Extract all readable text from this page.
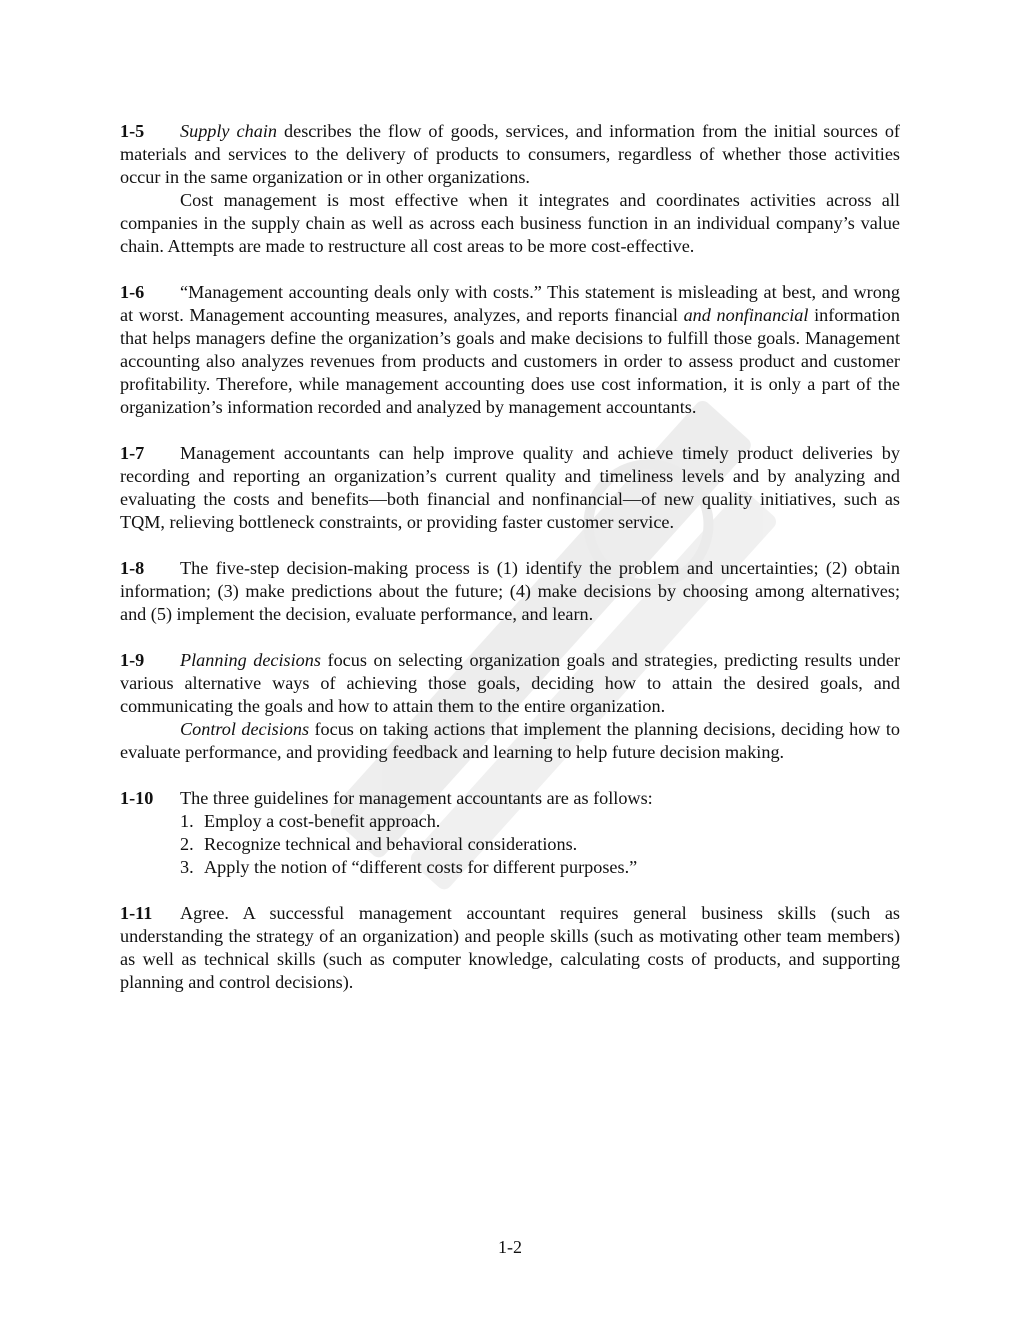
1-5 Supply chain describes the flow of goods, services, and information from the initial sources of materials and services to the delivery of products to consumers, regardless of whether those activities occur in the same organization or in other organizations.

Cost management is most effective when it integrates and coordinates activities across all companies in the supply chain as well as across each business function in an individual company’s value chain. Attempts are made to restructure all cost areas to be more cost-effective.

1-6 “Management accounting deals only with costs.” This statement is misleading at best, and wrong at worst. Management accounting measures, analyzes, and reports financial and nonfinancial information that helps managers define the organization’s goals and make decisions to fulfill those goals. Management accounting also analyzes revenues from products and customers in order to assess product and customer profitability. Therefore, while management accounting does use cost information, it is only a part of the organization’s information recorded and analyzed by management accountants.

1-7 Management accountants can help improve quality and achieve timely product deliveries by recording and reporting an organization’s current quality and timeliness levels and by analyzing and evaluating the costs and benefits—both financial and nonfinancial—of new quality initiatives, such as TQM, relieving bottleneck constraints, or providing faster customer service.

1-8 The five-step decision-making process is (1) identify the problem and uncertainties; (2) obtain information; (3) make predictions about the future; (4) make decisions by choosing among alternatives; and (5) implement the decision, evaluate performance, and learn.

1-9 Planning decisions focus on selecting organization goals and strategies, predicting results under various alternative ways of achieving those goals, deciding how to attain the desired goals, and communicating the goals and how to attain them to the entire organization.

Control decisions focus on taking actions that implement the planning decisions, deciding how to evaluate performance, and providing feedback and learning to help future decision making.

1-10 The three guidelines for management accountants are as follows:

1. Employ a cost-benefit approach.
2. Recognize technical and behavioral considerations.
3. Apply the notion of “different costs for different purposes.”

1-11 Agree. A successful management accountant requires general business skills (such as understanding the strategy of an organization) and people skills (such as motivating other team members) as well as technical skills (such as computer knowledge, calculating costs of products, and supporting planning and control decisions).

1-2
